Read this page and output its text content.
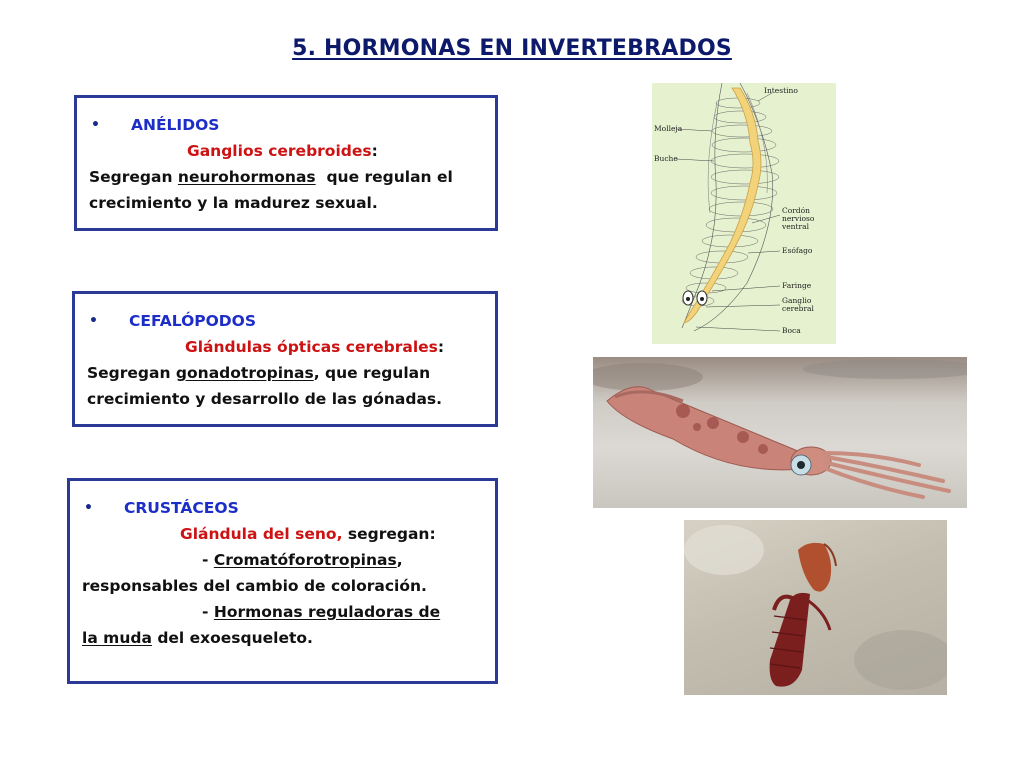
5. HORMONAS EN INVERTEBRADOS
•	ANÉLIDOS
Ganglios cerebroides:
Segregan neurohormonas  que regulan el
crecimiento y la madurez sexual.
•	CEFALÓPODOS
Glándulas ópticas cerebrales:
Segregan gonadotropinas, que regulan
crecimiento y desarrollo de las gónadas.
•	CRUSTÁCEOS
Glándula del seno, segregan:
- Cromatóforotropinas,
responsables del cambio de coloración.
- Hormonas reguladoras de
la muda del exoesqueleto.
Intestino
Molleja
Buche
Cordón nervioso ventral
Esófago
Faringe
Ganglio cerebral
Boca
